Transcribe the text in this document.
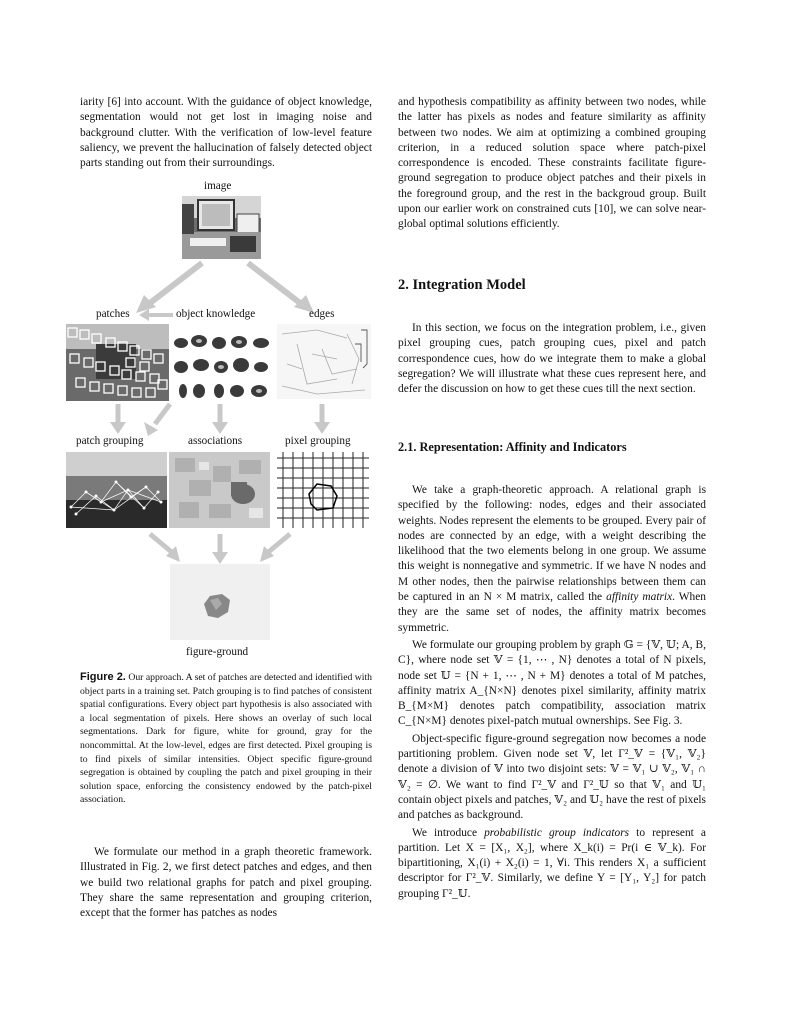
iarity [6] into account. With the guidance of object knowledge, segmentation would not get lost in imaging noise and background clutter. With the verification of low-level feature saliency, we prevent the hallucination of falsely detected object parts standing out from their surroundings.

image
patches	object knowledge	edges
patch grouping	associations	pixel grouping
figure-ground
Figure 2. Our approach. A set of patches are detected and identified with object parts in a training set. Patch grouping is to find patches of consistent spatial configurations. Every object part hypothesis is also associated with a local segmentation of pixels. Here shows an overlay of such local segmentations. Dark for figure, white for ground, gray for the noncommittal. At the low-level, edges are first detected. Pixel grouping is to find pixels of similar intensities. Object specific figure-ground segregation is obtained by coupling the patch and pixel grouping in their solution space, enforcing the consistency endowed by the patch-pixel association.

We formulate our method in a graph theoretic framework. Illustrated in Fig. 2, we first detect patches and edges, and then we build two relational graphs for patch and pixel grouping. They share the same representation and grouping criterion, except that the former has patches as nodes

and hypothesis compatibility as affinity between two nodes, while the latter has pixels as nodes and feature similarity as affinity between two nodes. We aim at optimizing a combined grouping criterion, in a reduced solution space where patch-pixel correspondence is encoded. These constraints facilitate figure-ground segregation to produce object patches and their pixels in the foreground group, and the rest in the backgroud group. Built upon our earlier work on constrained cuts [10], we can solve near-global optimal solutions efficiently.

2. Integration Model

In this section, we focus on the integration problem, i.e., given pixel grouping cues, patch grouping cues, pixel and patch correspondence cues, how do we integrate them to make a global segregation? We will illustrate what these cues represent here, and defer the discussion on how to get these cues till the next section.

2.1. Representation: Affinity and Indicators

We take a graph-theoretic approach. A relational graph is specified by the following: nodes, edges and their associated weights. Nodes represent the elements to be grouped. Every pair of nodes are connected by an edge, with a weight describing the likelihood that the two elements belong in one group. We assume this weight is nonnegative and symmetric. If we have N nodes and M other nodes, then the pairwise relationships between them can be captured in an N × M matrix, called the affinity matrix. When they are the same set of nodes, the affinity matrix becomes symmetric.

We formulate our grouping problem by graph 𝔾 = {𝕍, 𝕌; A, B, C}, where node set 𝕍 = {1, ⋯ , N} denotes a total of N pixels, node set 𝕌 = {N + 1, ⋯ , N + M} denotes a total of M patches, affinity matrix A_{N×N} denotes pixel similarity, affinity matrix B_{M×M} denotes patch compatibility, association matrix C_{N×M} denotes pixel-patch mutual ownerships. See Fig. 3.

Object-specific figure-ground segregation now becomes a node partitioning problem. Given node set 𝕍, let Γ²_𝕍 = {𝕍₁, 𝕍₂} denote a division of 𝕍 into two disjoint sets: 𝕍 = 𝕍₁ ∪ 𝕍₂, 𝕍₁ ∩ 𝕍₂ = ∅. We want to find Γ²_𝕍 and Γ²_𝕌 so that 𝕍₁ and 𝕌₁ contain object pixels and patches, 𝕍₂ and 𝕌₂ have the rest of pixels and patches as background.

We introduce probabilistic group indicators to represent a partition. Let X = [X₁, X₂], where X_k(i) = Pr(i ∈ 𝕍_k). For bipartitioning, X₁(i) + X₂(i) = 1, ∀i. This renders X₁ a sufficient descriptor for Γ²_𝕍. Similarly, we define Y = [Y₁, Y₂] for patch grouping Γ²_𝕌.
